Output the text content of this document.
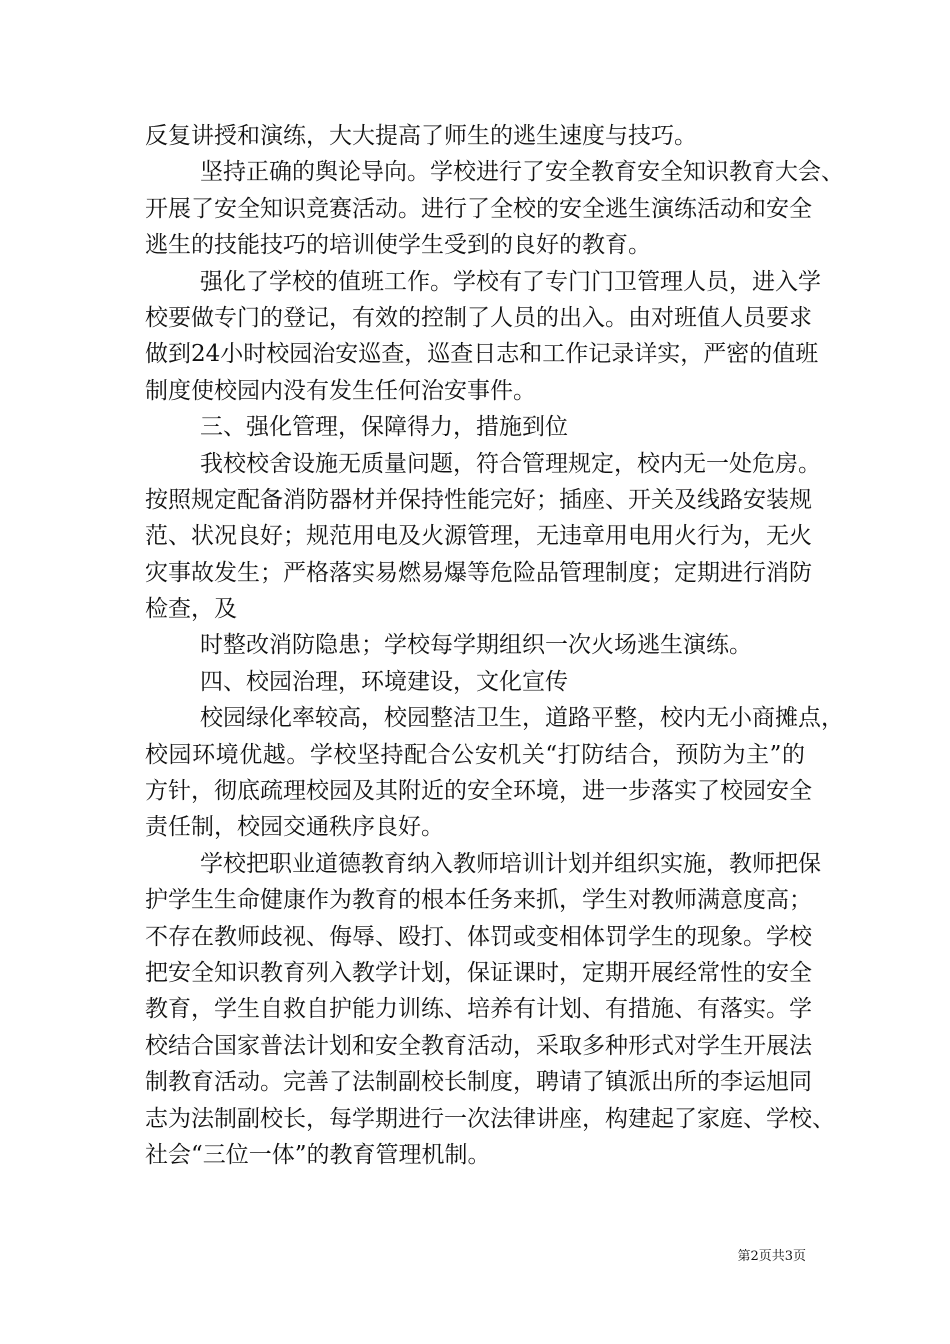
反复讲授和演练，大大提高了师生的逃生速度与技巧。
坚持正确的舆论导向。学校进行了安全教育安全知识教育大会、
开展了安全知识竞赛活动。进行了全校的安全逃生演练活动和安全
逃生的技能技巧的培训使学生受到的良好的教育。
强化了学校的值班工作。学校有了专门门卫管理人员，进入学
校要做专门的登记，有效的控制了人员的出入。由对班值人员要求
做到24小时校园治安巡查，巡查日志和工作记录详实，严密的值班
制度使校园内没有发生任何治安事件。
三、强化管理，保障得力，措施到位
我校校舍设施无质量问题，符合管理规定，校内无一处危房。
按照规定配备消防器材并保持性能完好；插座、开关及线路安装规
范、状况良好；规范用电及火源管理，无违章用电用火行为，无火
灾事故发生；严格落实易燃易爆等危险品管理制度；定期进行消防
检查，及
时整改消防隐患；学校每学期组织一次火场逃生演练。
四、校园治理，环境建设，文化宣传
校园绿化率较高，校园整洁卫生，道路平整，校内无小商摊点，
校园环境优越。学校坚持配合公安机关“打防结合，预防为主”的
方针，彻底疏理校园及其附近的安全环境，进一步落实了校园安全
责任制，校园交通秩序良好。
学校把职业道德教育纳入教师培训计划并组织实施，教师把保
护学生生命健康作为教育的根本任务来抓，学生对教师满意度高；
不存在教师歧视、侮辱、殴打、体罚或变相体罚学生的现象。学校
把安全知识教育列入教学计划，保证课时，定期开展经常性的安全
教育，学生自救自护能力训练、培养有计划、有措施、有落实。学
校结合国家普法计划和安全教育活动，采取多种形式对学生开展法
制教育活动。完善了法制副校长制度，聘请了镇派出所的李运旭同
志为法制副校长，每学期进行一次法律讲座，构建起了家庭、学校、
社会“三位一体”的教育管理机制。
第2页共3页
